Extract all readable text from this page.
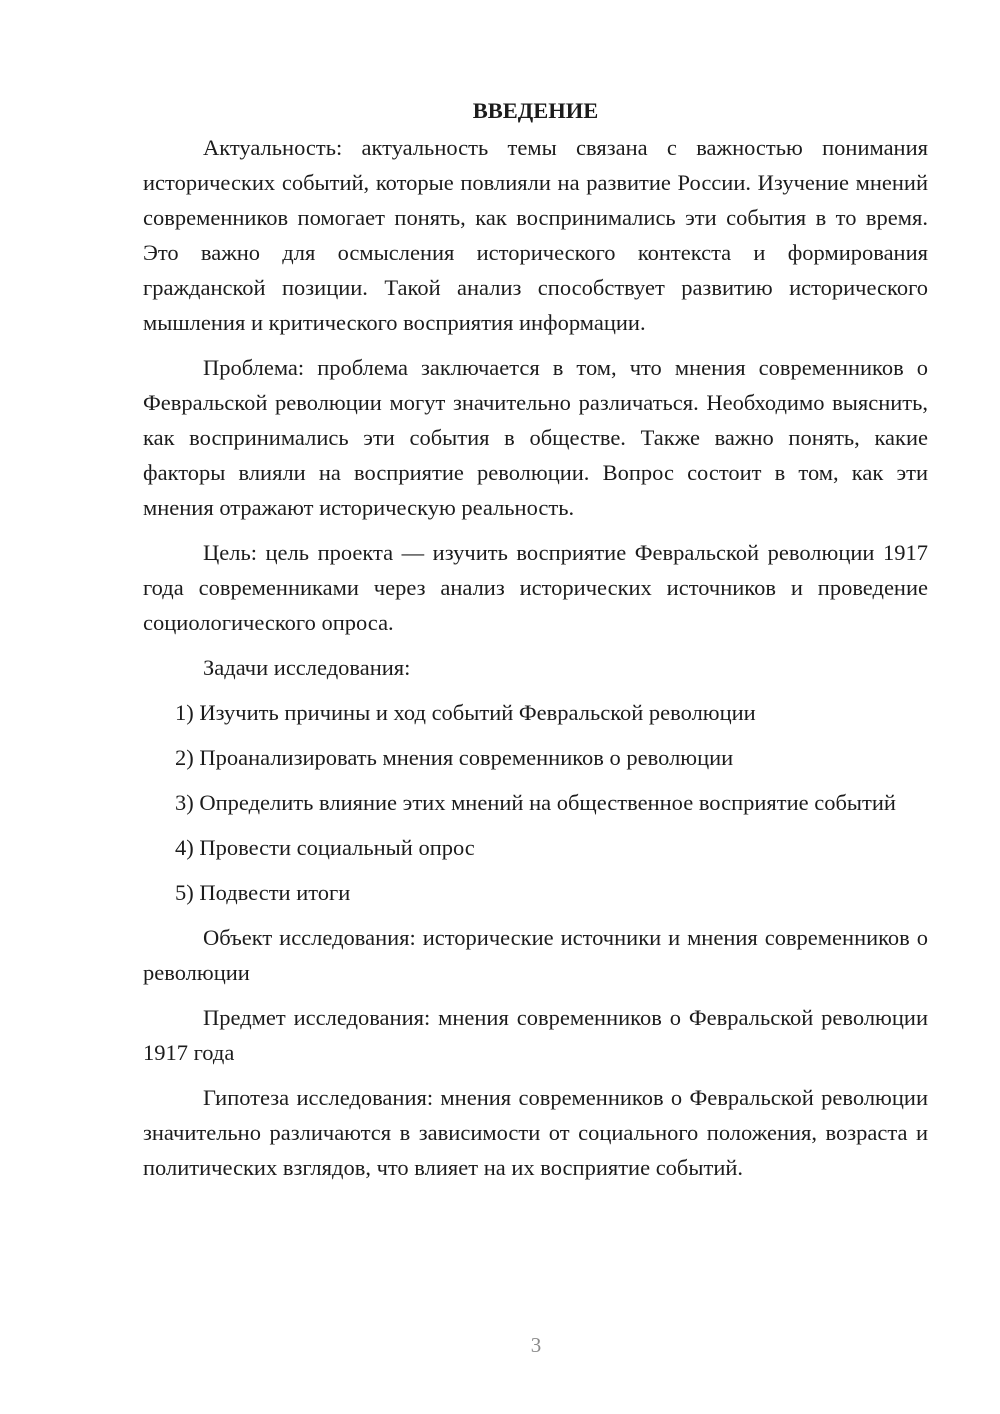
ВВЕДЕНИЕ

Актуальность: актуальность темы связана с важностью понимания исторических событий, которые повлияли на развитие России. Изучение мнений современников помогает понять, как воспринимались эти события в то время. Это важно для осмысления исторического контекста и формирования гражданской позиции. Такой анализ способствует развитию исторического мышления и критического восприятия информации.

Проблема: проблема заключается в том, что мнения современников о Февральской революции могут значительно различаться. Необходимо выяснить, как воспринимались эти события в обществе. Также важно понять, какие факторы влияли на восприятие революции. Вопрос состоит в том, как эти мнения отражают историческую реальность.

Цель: цель проекта — изучить восприятие Февральской революции 1917 года современниками через анализ исторических источников и проведение социологического опроса.

Задачи исследования:

1) Изучить причины и ход событий Февральской революции

2) Проанализировать мнения современников о революции

3) Определить влияние этих мнений на общественное восприятие событий

4) Провести социальный опрос

5) Подвести итоги

Объект исследования: исторические источники и мнения современников о революции

Предмет исследования: мнения современников о Февральской революции 1917 года

Гипотеза исследования: мнения современников о Февральской революции значительно различаются в зависимости от социального положения, возраста и политических взглядов, что влияет на их восприятие событий.

3
